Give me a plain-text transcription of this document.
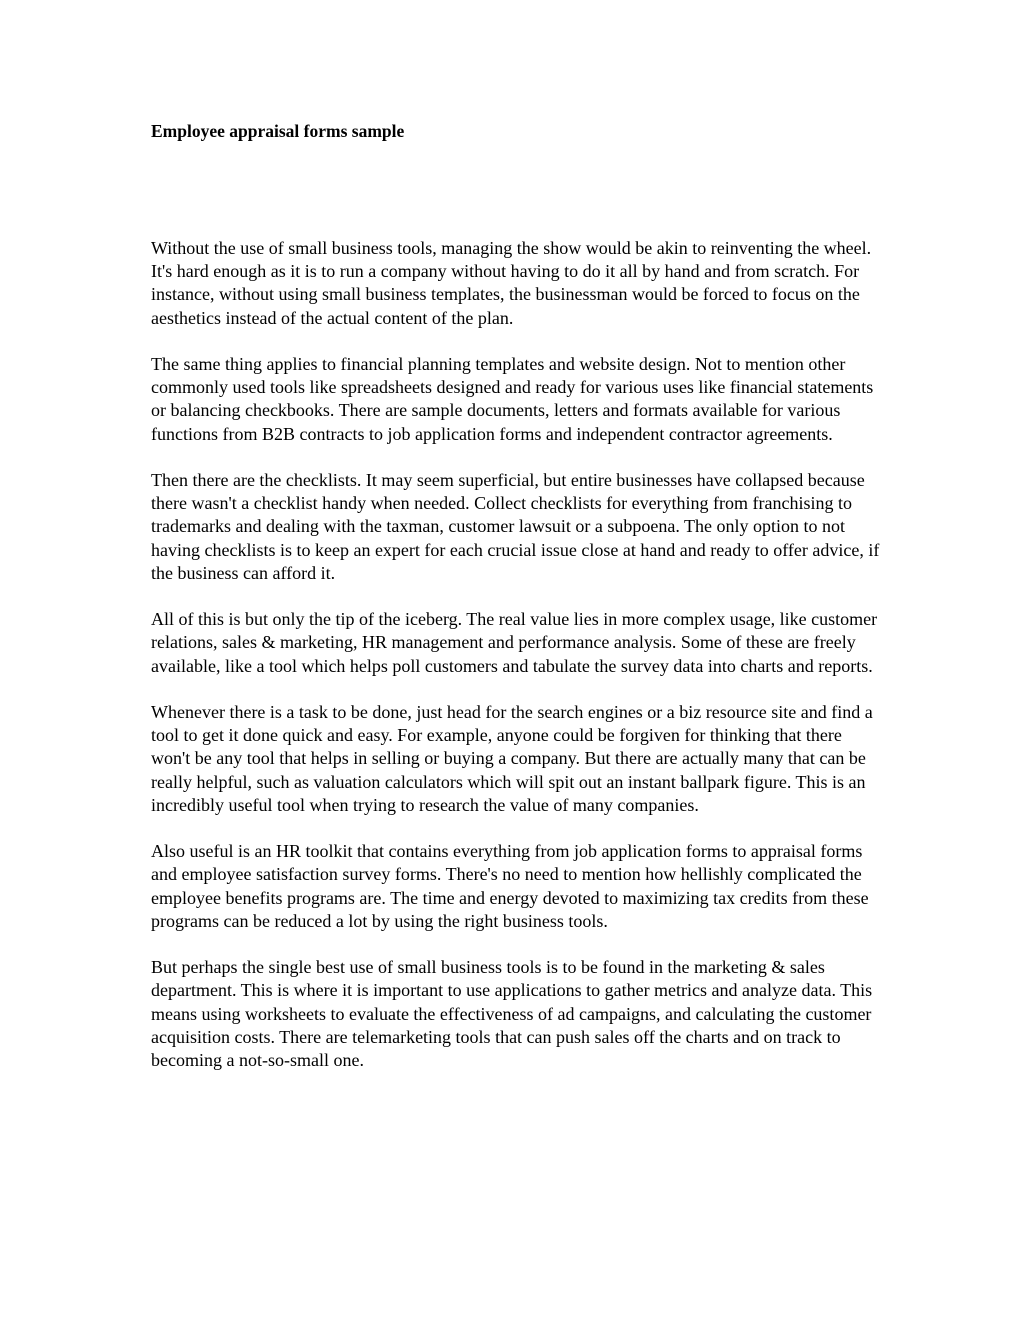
Employee appraisal forms sample

Without the use of small business tools, managing the show would be akin to reinventing the wheel. It's hard enough as it is to run a company without having to do it all by hand and from scratch. For instance, without using small business templates, the businessman would be forced to focus on the aesthetics instead of the actual content of the plan.

The same thing applies to financial planning templates and website design. Not to mention other commonly used tools like spreadsheets designed and ready for various uses like financial statements or balancing checkbooks. There are sample documents, letters and formats available for various functions from B2B contracts to job application forms and independent contractor agreements.

Then there are the checklists. It may seem superficial, but entire businesses have collapsed because there wasn't a checklist handy when needed. Collect checklists for everything from franchising to trademarks and dealing with the taxman, customer lawsuit or a subpoena. The only option to not having checklists is to keep an expert for each crucial issue close at hand and ready to offer advice, if the business can afford it.

All of this is but only the tip of the iceberg. The real value lies in more complex usage, like customer relations, sales & marketing, HR management and performance analysis. Some of these are freely available, like a tool which helps poll customers and tabulate the survey data into charts and reports.

Whenever there is a task to be done, just head for the search engines or a biz resource site and find a tool to get it done quick and easy. For example, anyone could be forgiven for thinking that there won't be any tool that helps in selling or buying a company. But there are actually many that can be really helpful, such as valuation calculators which will spit out an instant ballpark figure. This is an incredibly useful tool when trying to research the value of many companies.

Also useful is an HR toolkit that contains everything from job application forms to appraisal forms and employee satisfaction survey forms. There's no need to mention how hellishly complicated the employee benefits programs are. The time and energy devoted to maximizing tax credits from these programs can be reduced a lot by using the right business tools.

But perhaps the single best use of small business tools is to be found in the marketing & sales department. This is where it is important to use applications to gather metrics and analyze data. This means using worksheets to evaluate the effectiveness of ad campaigns, and calculating the customer acquisition costs. There are telemarketing tools that can push sales off the charts and on track to becoming a not-so-small one.
